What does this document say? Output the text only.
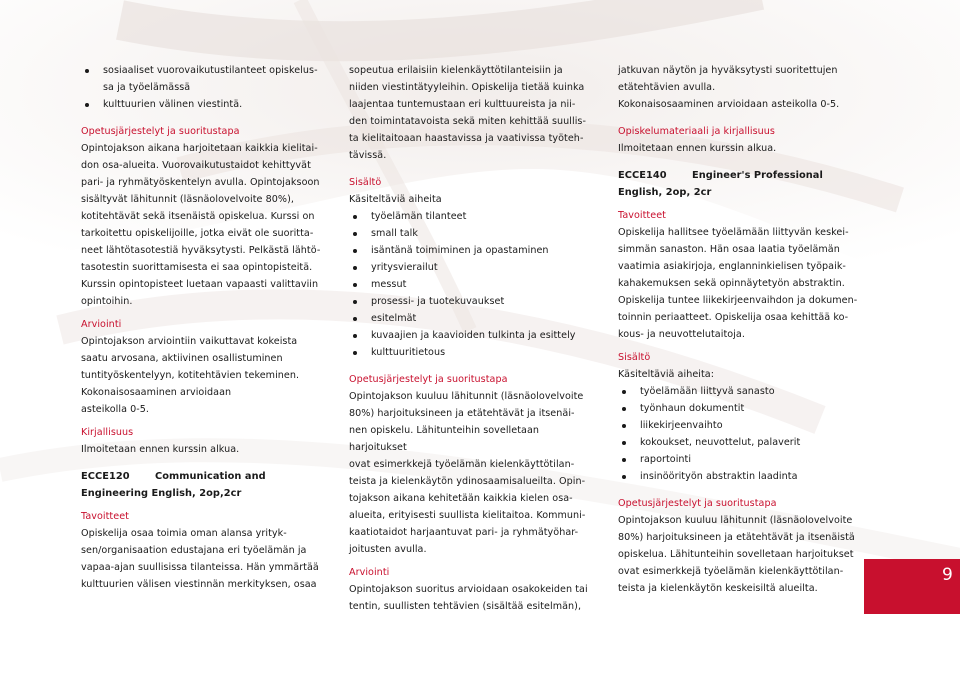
sosiaaliset vuorovaikutustilanteet opiskelus-
sa ja työelämässä
kulttuurien välinen viestintä.

Opetusjärjestelyt ja suoritustapa

Opintojakson aikana harjoitetaan kaikkia kielitai-
don osa-alueita. Vuorovaikutustaidot kehittyvät
pari- ja ryhmätyöskentelyn avulla. Opintojaksoon
sisältyvät lähitunnit (läsnäolovelvoite 80%),
kotitehtävät sekä itsenäistä opiskelua. Kurssi on
tarkoitettu opiskelijoille, jotka eivät ole suoritta-
neet lähtötasotestiä hyväksytysti. Pelkästä lähtö-
tasotestin suorittamisesta ei saa opintopisteitä.
Kurssin opintopisteet luetaan vapaasti valittaviin
opintoihin.

Arviointi

Opintojakson arviointiin vaikuttavat kokeista
saatu arvosana, aktiivinen osallistuminen
tuntityöskentelyyn, kotitehtävien tekeminen.
Kokonaisosaaminen arvioidaan
asteikolla 0-5.

Kirjallisuus

Ilmoitetaan ennen kurssin alkua.

ECCE120	Communication and

Engineering English, 2op,2cr

Tavoitteet

Opiskelija osaa toimia oman alansa yrityk-
sen/organisaation edustajana eri työelämän ja
vapaa-ajan suullisissa tilanteissa. Hän ymmärtää
kulttuurien välisen viestinnän merkityksen, osaa

sopeutua erilaisiin kielenkäyttötilanteisiin ja
niiden viestintätyyleihin. Opiskelija tietää kuinka
laajentaa tuntemustaan eri kulttuureista ja nii-
den toimintatavoista sekä miten kehittää suullis-
ta kielitaitoaan haastavissa ja vaativissa työteh-
tävissä.

Sisältö

Käsiteltäviä aiheita

työelämän tilanteet
small talk
isäntänä toimiminen ja opastaminen
yritysvierailut
messut
prosessi- ja tuotekuvaukset
esitelmät
kuvaajien ja kaavioiden tulkinta ja esittely
kulttuuritietous

Opetusjärjestelyt ja suoritustapa

Opintojakson kuuluu lähitunnit (läsnäolovelvoite
80%) harjoituksineen ja etätehtävät ja itsenäi-
nen opiskelu. Lähitunteihin sovelletaan harjoitukset
ovat esimerkkejä työelämän kielenkäyttötilan-
teista ja kielenkäytön ydinosaamisalueilta. Opin-
tojakson aikana kehitetään kaikkia kielen osa-
alueita, erityisesti suullista kielitaitoa. Kommuni-
kaatiotaidot harjaantuvat pari- ja ryhmätyöhar-
joitusten avulla.

Arviointi

Opintojakson suoritus arvioidaan osakokeiden tai
tentin, suullisten tehtävien (sisältää esitelmän),

jatkuvan näytön ja hyväksytysti suoritettujen
etätehtävien avulla.
Kokonaisosaaminen arvioidaan asteikolla 0-5.

Opiskelumateriaali ja kirjallisuus

Ilmoitetaan ennen kurssin alkua.

ECCE140	Engineer's Professional

English, 2op, 2cr

Tavoitteet

Opiskelija hallitsee työelämään liittyvän keskei-
simmän sanaston. Hän osaa laatia työelämän
vaatimia asiakirjoja, englanninkielisen työpaik-
kahakemuksen sekä opinnäytetyön abstraktin.
Opiskelija tuntee liikekirjeenvaihdon ja dokumen-
toinnin periaatteet. Opiskelija osaa kehittää ko-
kous- ja neuvottelutaitoja.

Sisältö

Käsiteltäviä aiheita:

työelämään liittyvä sanasto
työnhaun dokumentit
liikekirjeenvaihto
kokoukset, neuvottelut, palaverit
raportointi
insinöörityön abstraktin laadinta

Opetusjärjestelyt ja suoritustapa

Opintojakson kuuluu lähitunnit (läsnäolovelvoite
80%) harjoituksineen ja etätehtävät ja itsenäistä
opiskelua. Lähitunteihin sovelletaan harjoitukset
ovat esimerkkejä työelämän kielenkäyttötilan-
teista ja kielenkäytön keskeisiltä alueilta.

9
